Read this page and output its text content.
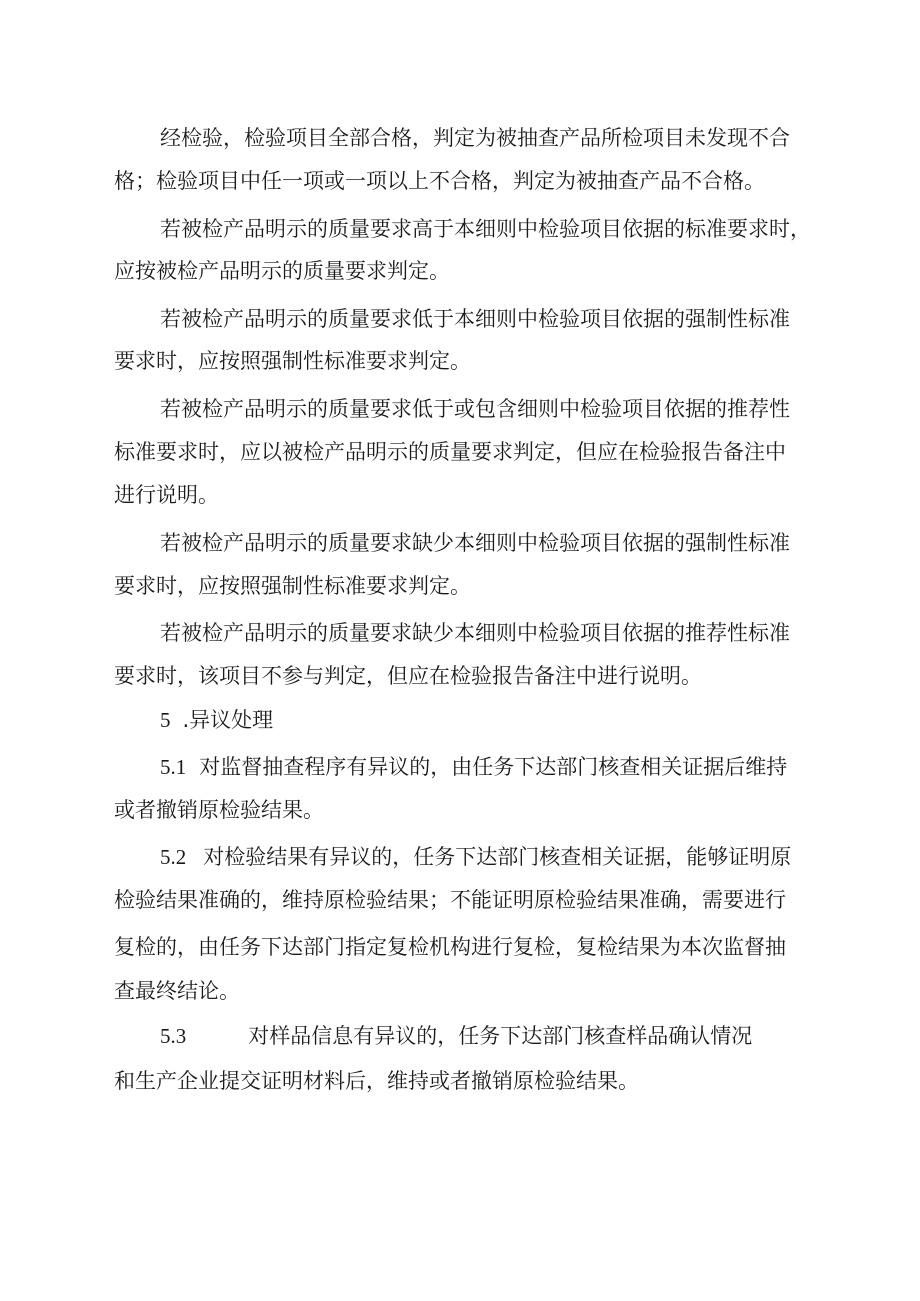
经检验，检验项目全部合格，判定为被抽查产品所检项目未发现不合
格；检验项目中任一项或一项以上不合格，判定为被抽查产品不合格。
若被检产品明示的质量要求高于本细则中检验项目依据的标准要求时，
应按被检产品明示的质量要求判定。
若被检产品明示的质量要求低于本细则中检验项目依据的强制性标准
要求时，应按照强制性标准要求判定。
若被检产品明示的质量要求低于或包含细则中检验项目依据的推荐性
标准要求时，应以被检产品明示的质量要求判定，但应在检验报告备注中
进行说明。
若被检产品明示的质量要求缺少本细则中检验项目依据的强制性标准
要求时，应按照强制性标准要求判定。
若被检产品明示的质量要求缺少本细则中检验项目依据的推荐性标准
要求时，该项目不参与判定，但应在检验报告备注中进行说明。
5 .异议处理
5.1 对监督抽查程序有异议的，由任务下达部门核查相关证据后维持
或者撤销原检验结果。
5.2 对检验结果有异议的，任务下达部门核查相关证据，能够证明原
检验结果准确的，维持原检验结果；不能证明原检验结果准确，需要进行
复检的，由任务下达部门指定复检机构进行复检，复检结果为本次监督抽
查最终结论。
5.3	对样品信息有异议的，任务下达部门核查样品确认情况
和生产企业提交证明材料后，维持或者撤销原检验结果。
